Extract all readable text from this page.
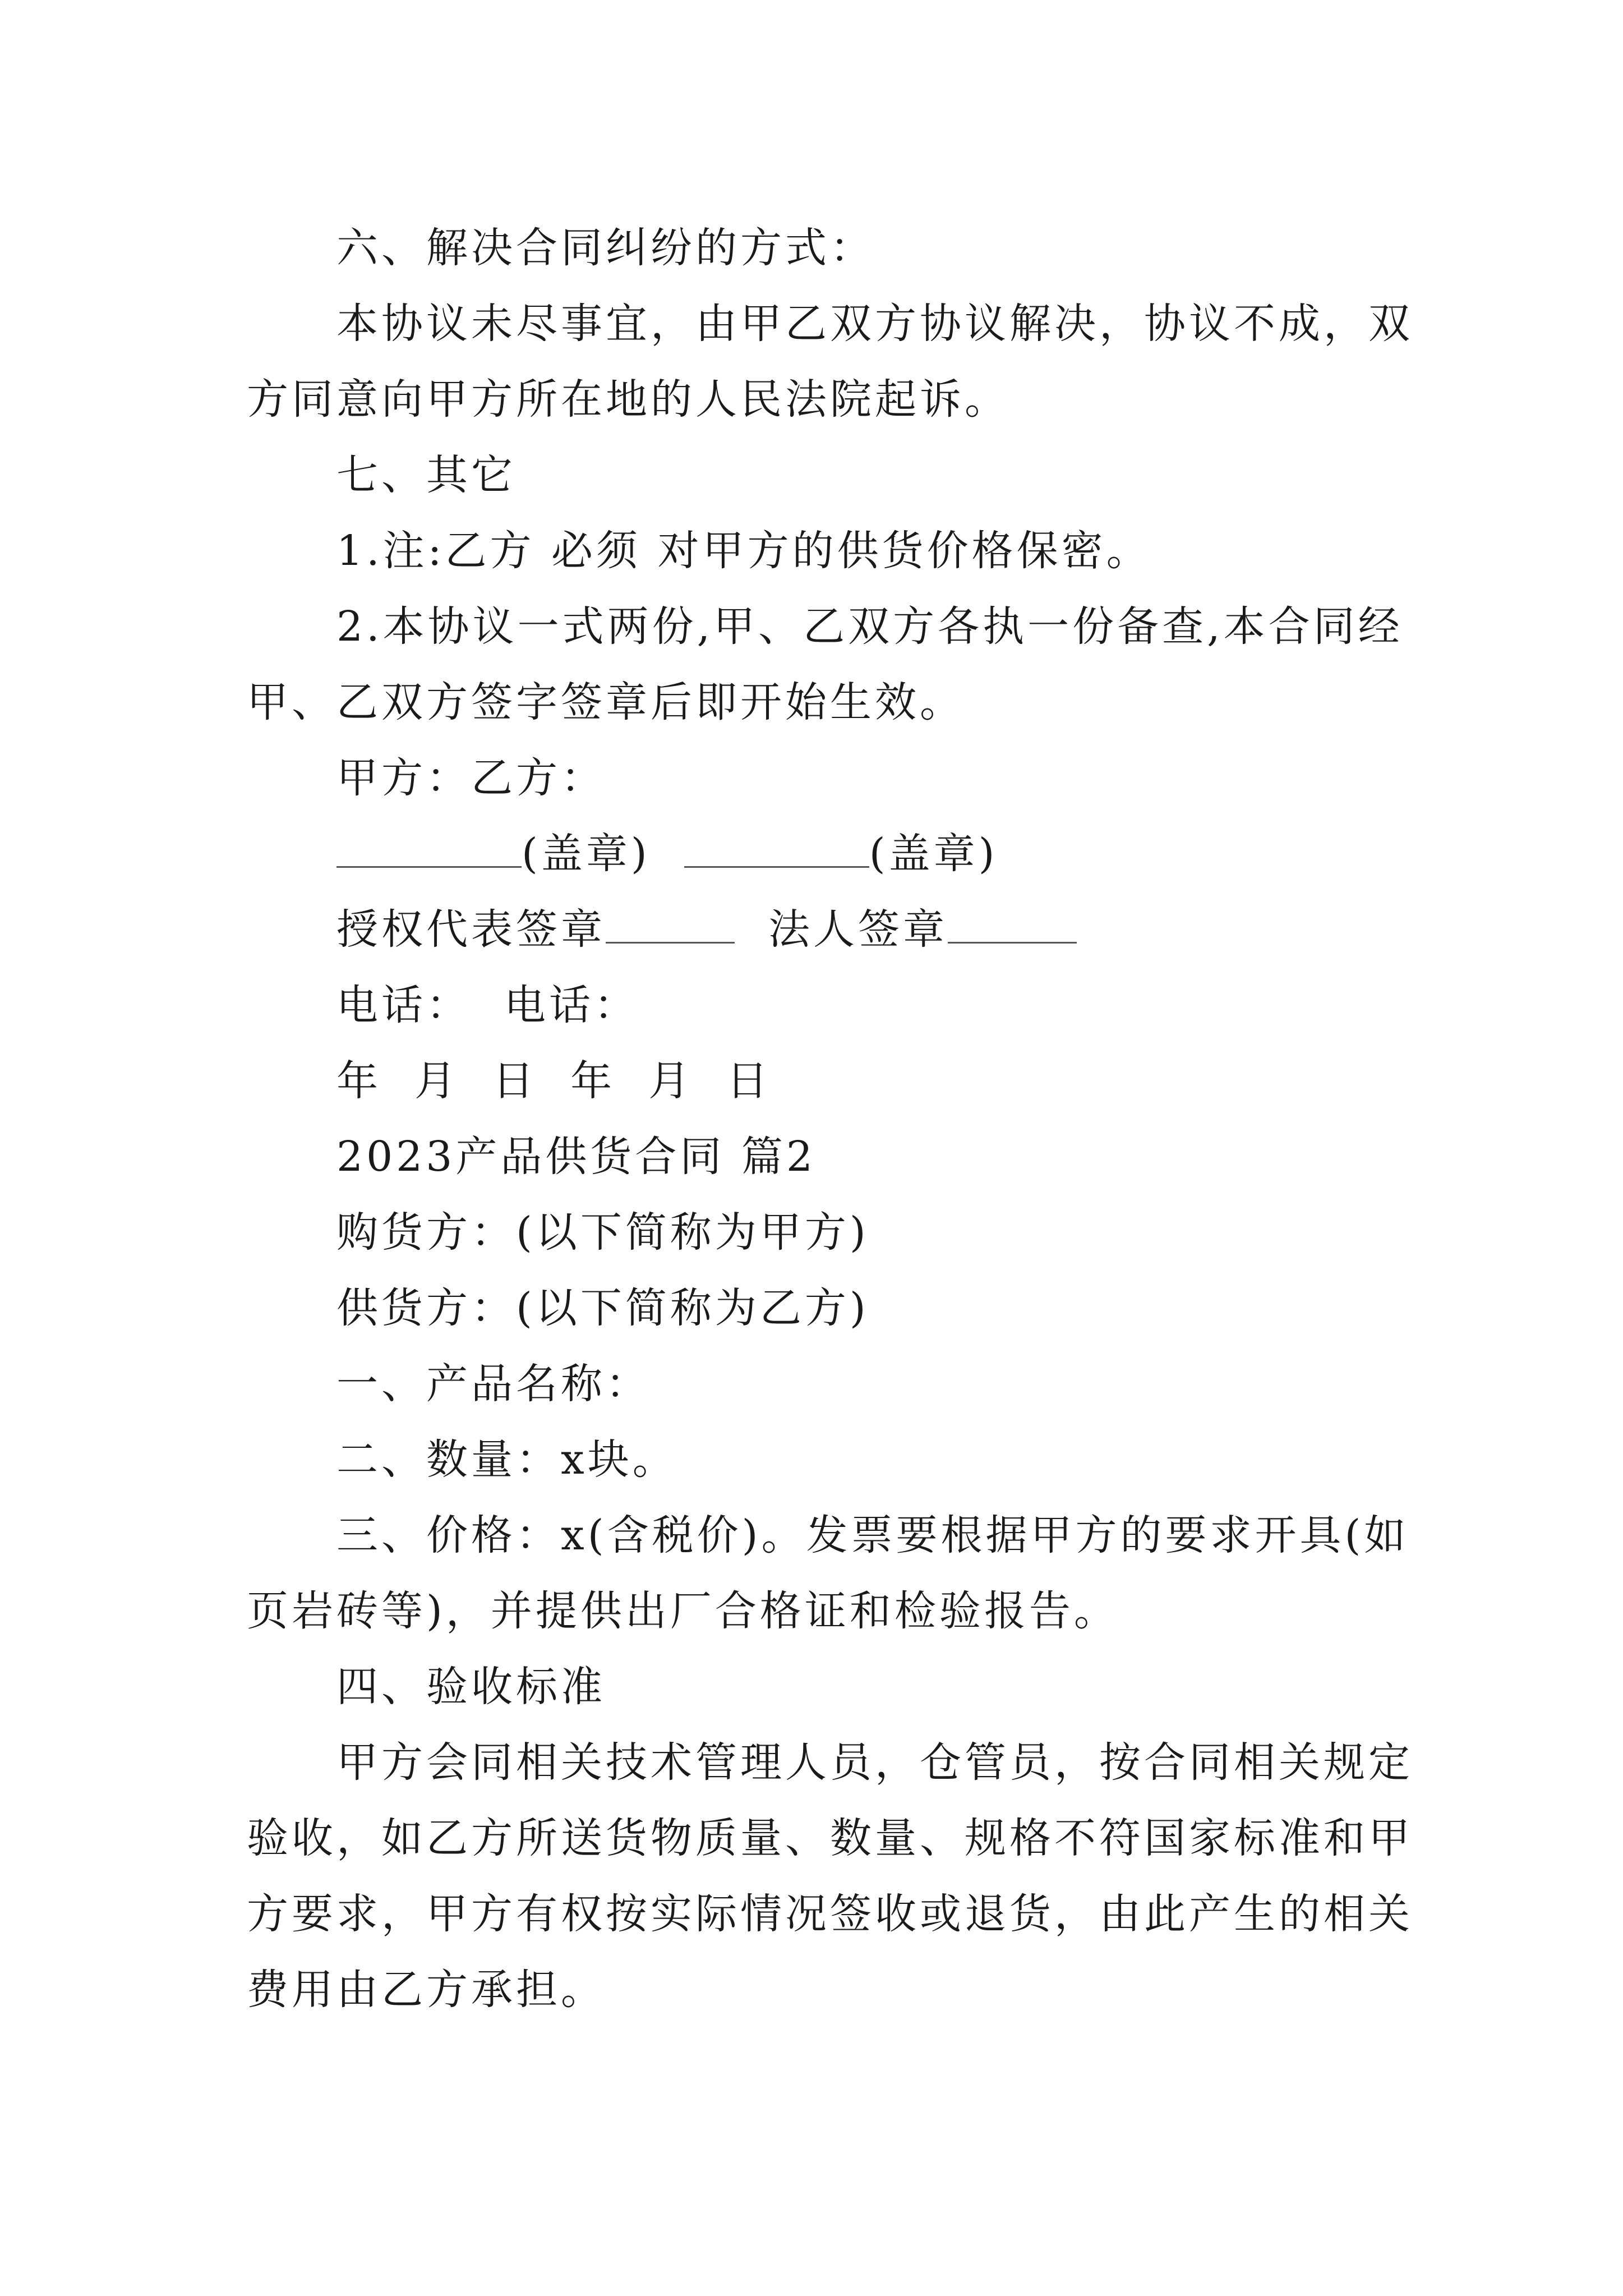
六、解决合同纠纷的方式：
本协议未尽事宜，由甲乙双方协议解决，协议不成，双
方同意向甲方所在地的人民法院起诉。
七、其它
1.注:乙方 必须 对甲方的供货价格保密。
2.本协议一式两份,甲、乙双方各执一份备查,本合同经
甲、乙双方签字签章后即开始生效。
甲方：乙方：
(盖章)	(盖章)
授权代表签章	法人签章
电话：  电话：
年  月  日  年  月  日
2023产品供货合同 篇2
购货方：(以下简称为甲方)
供货方：(以下简称为乙方)
一、产品名称：
二、数量：x块。
三、价格：x(含税价)。发票要根据甲方的要求开具(如
页岩砖等)，并提供出厂合格证和检验报告。
四、验收标准
甲方会同相关技术管理人员，仓管员，按合同相关规定
验收，如乙方所送货物质量、数量、规格不符国家标准和甲
方要求，甲方有权按实际情况签收或退货，由此产生的相关
费用由乙方承担。
